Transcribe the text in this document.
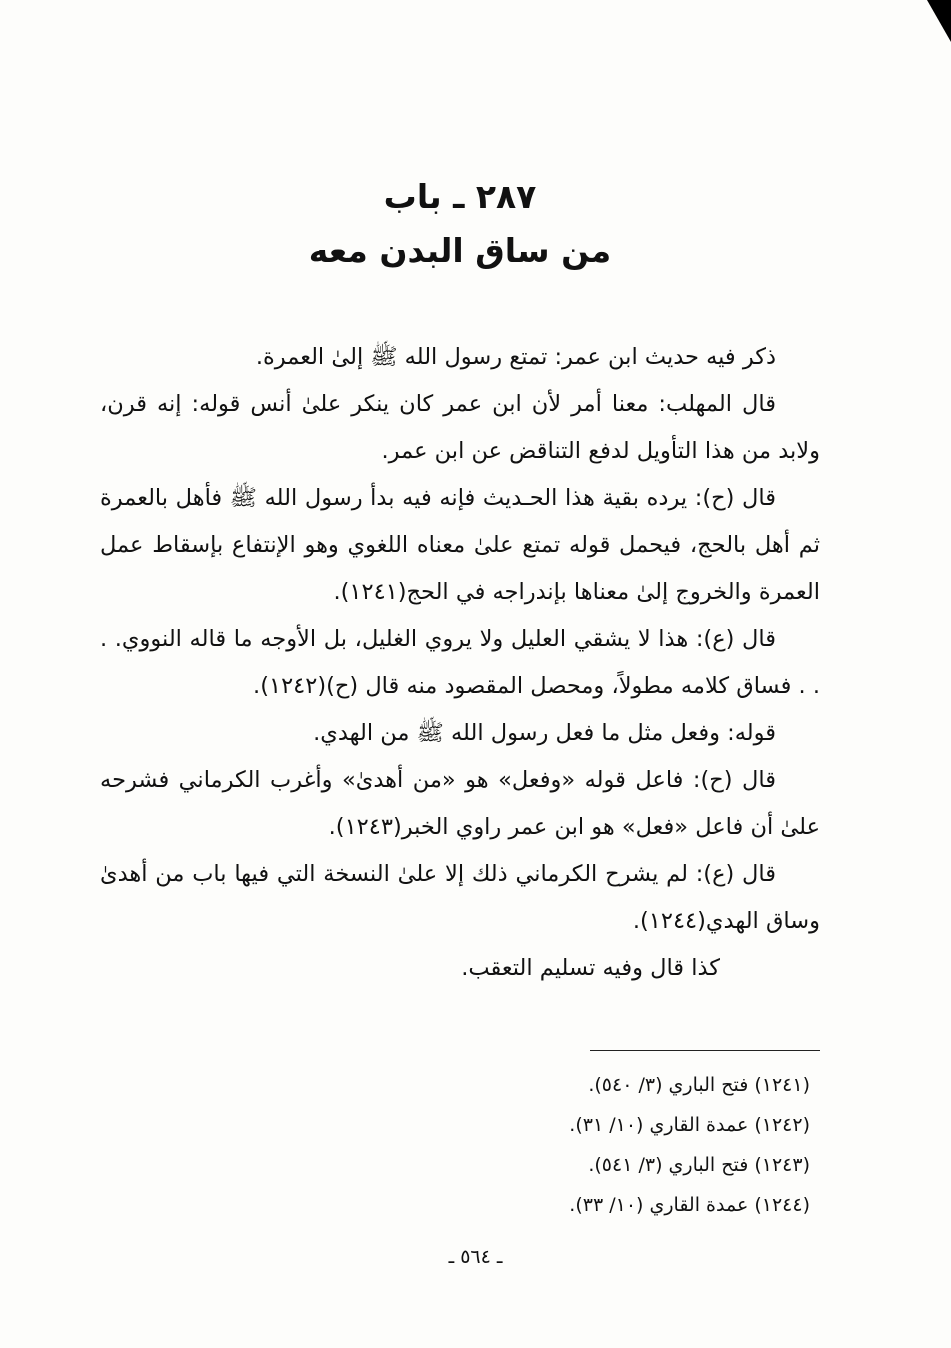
٢٨٧ ـ باب

من ساق البدن معه

ذكر فيه حديث ابن عمر: تمتع رسول الله ﷺ إلىٰ العمرة.

قال المهلب: معنا أمر لأن ابن عمر كان ينكر علىٰ أنس قوله: إنه قرن، ولابد من هذا التأويل لدفع التناقض عن ابن عمر.

قال (ح): يرده بقية هذا الحـديث فإنه فيه بدأ رسول الله ﷺ فأهل بالعمرة ثم أهل بالحج، فيحمل قوله تمتع علىٰ معناه اللغوي وهو الإنتفاع بإسقاط عمل العمرة والخروج إلىٰ معناها بإندراجه في الحج(١٢٤١).

قال (ع): هذا لا يشقي العليل ولا يروي الغليل، بل الأوجه ما قاله النووي. . . . فساق كلامه مطولاً، ومحصل المقصود منه قال (ح)(١٢٤٢).

قوله: وفعل مثل ما فعل رسول الله ﷺ من الهدي.

قال (ح): فاعل قوله «وفعل» هو «من أهدىٰ» وأغرب الكرماني فشرحه علىٰ أن فاعل «فعل» هو ابن عمر راوي الخبر(١٢٤٣).

قال (ع): لم يشرح الكرماني ذلك إلا علىٰ النسخة التي فيها باب من أهدىٰ وساق الهدي(١٢٤٤).

كذا قال وفيه تسليم التعقب.

(١٢٤١) فتح الباري (٣/ ٥٤٠).

(١٢٤٢) عمدة القاري (١٠/ ٣١).

(١٢٤٣) فتح الباري (٣/ ٥٤١).

(١٢٤٤) عمدة القاري (١٠/ ٣٣).

ـ ٥٦٤ ـ
